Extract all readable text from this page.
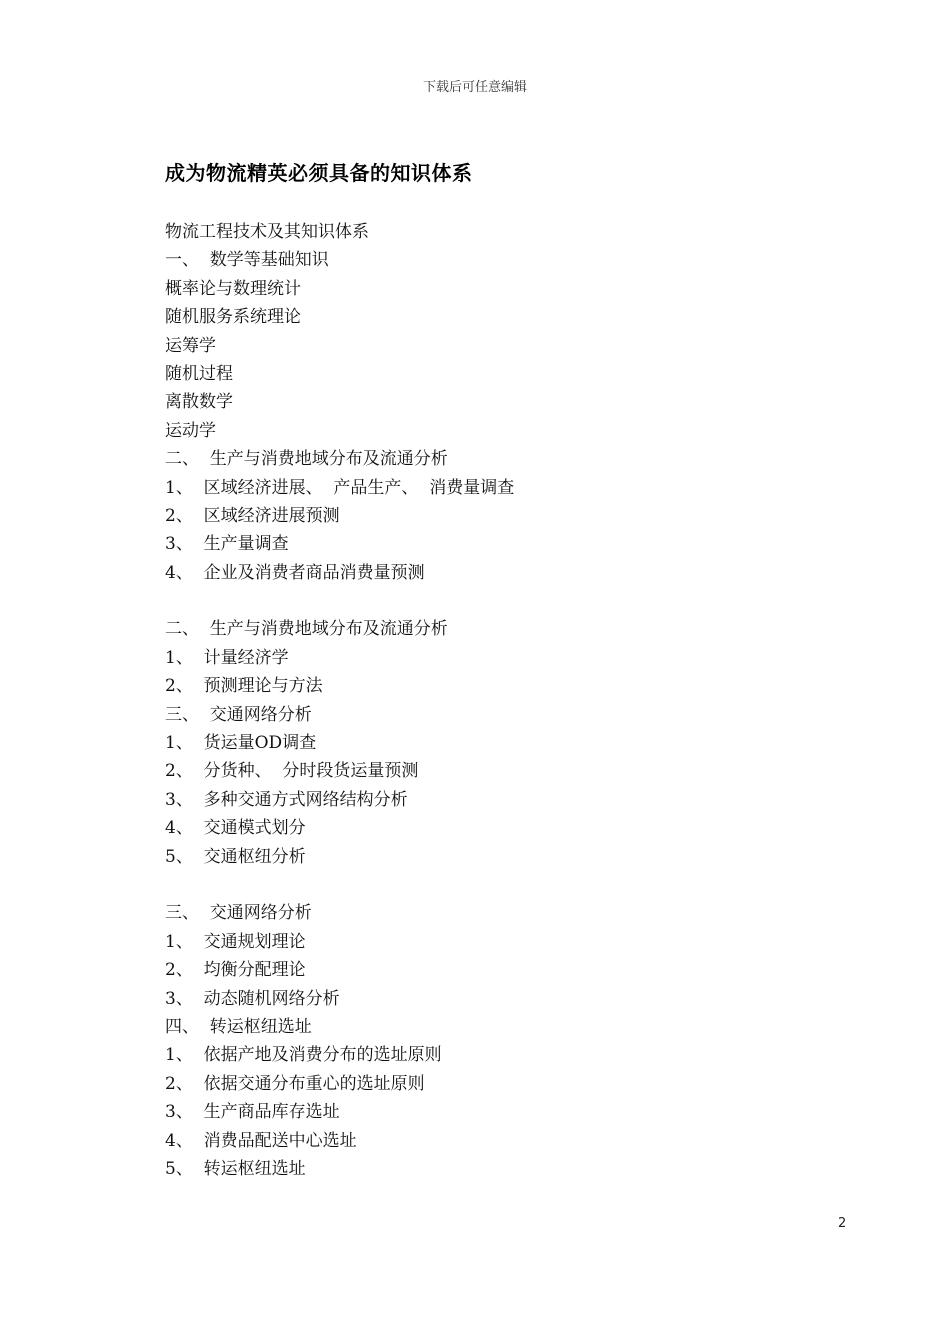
下载后可任意编辑
成为物流精英必须具备的知识体系
物流工程技术及其知识体系
一、  数学等基础知识
概率论与数理统计
随机服务系统理论
运筹学
随机过程
离散数学
运动学
二、  生产与消费地域分布及流通分析
1、  区域经济进展、  产品生产、  消费量调查
2、  区域经济进展预测
3、  生产量调查
4、  企业及消费者商品消费量预测
二、  生产与消费地域分布及流通分析
1、  计量经济学
2、  预测理论与方法
三、  交通网络分析
1、  货运量OD调查
2、  分货种、  分时段货运量预测
3、  多种交通方式网络结构分析
4、  交通模式划分
5、  交通枢纽分析
三、  交通网络分析
1、  交通规划理论
2、  均衡分配理论
3、  动态随机网络分析
四、  转运枢纽选址
1、  依据产地及消费分布的选址原则
2、  依据交通分布重心的选址原则
3、  生产商品库存选址
4、  消费品配送中心选址
5、  转运枢纽选址
2
